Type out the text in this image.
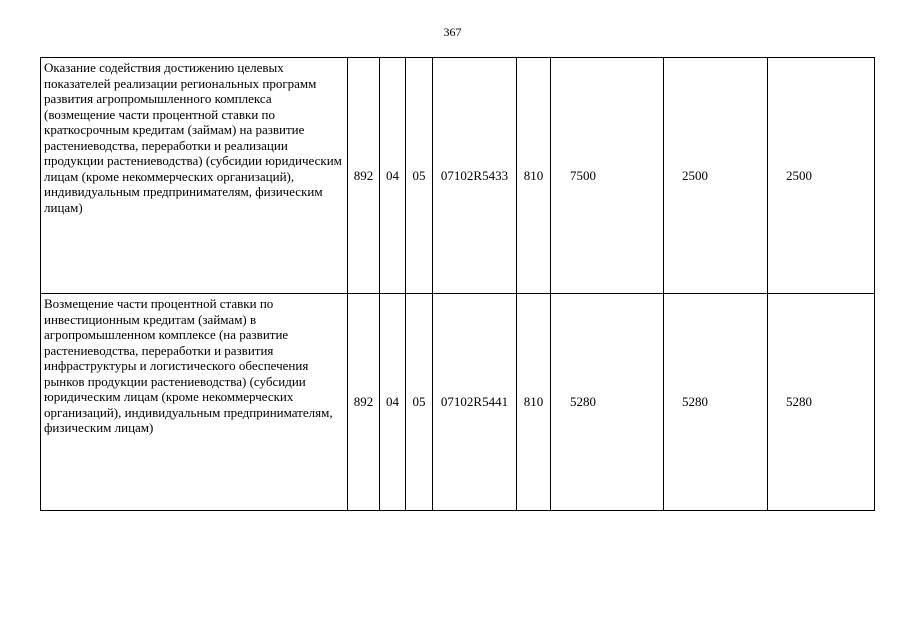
367
Оказание содействия достижению целевых показателей реализации региональных программ развития агропромышленного комплекса (возмещение части процентной ставки по краткосрочным кредитам (займам) на развитие растениеводства, переработки и реализации продукции растениеводства) (субсидии юридическим лицам (кроме некоммерческих организаций), индивидуальным предпринимателям, физическим лицам)	892	04	05	07102R5433	810	7500	2500	2500
Возмещение части процентной ставки по инвестиционным кредитам (займам) в агропромышленном комплексе (на развитие растениеводства, переработки и развития инфраструктуры и логистического обеспечения рынков продукции растениеводства) (субсидии юридическим лицам (кроме некоммерческих организаций), индивидуальным предпринимателям, физическим лицам)	892	04	05	07102R5441	810	5280	5280	5280
